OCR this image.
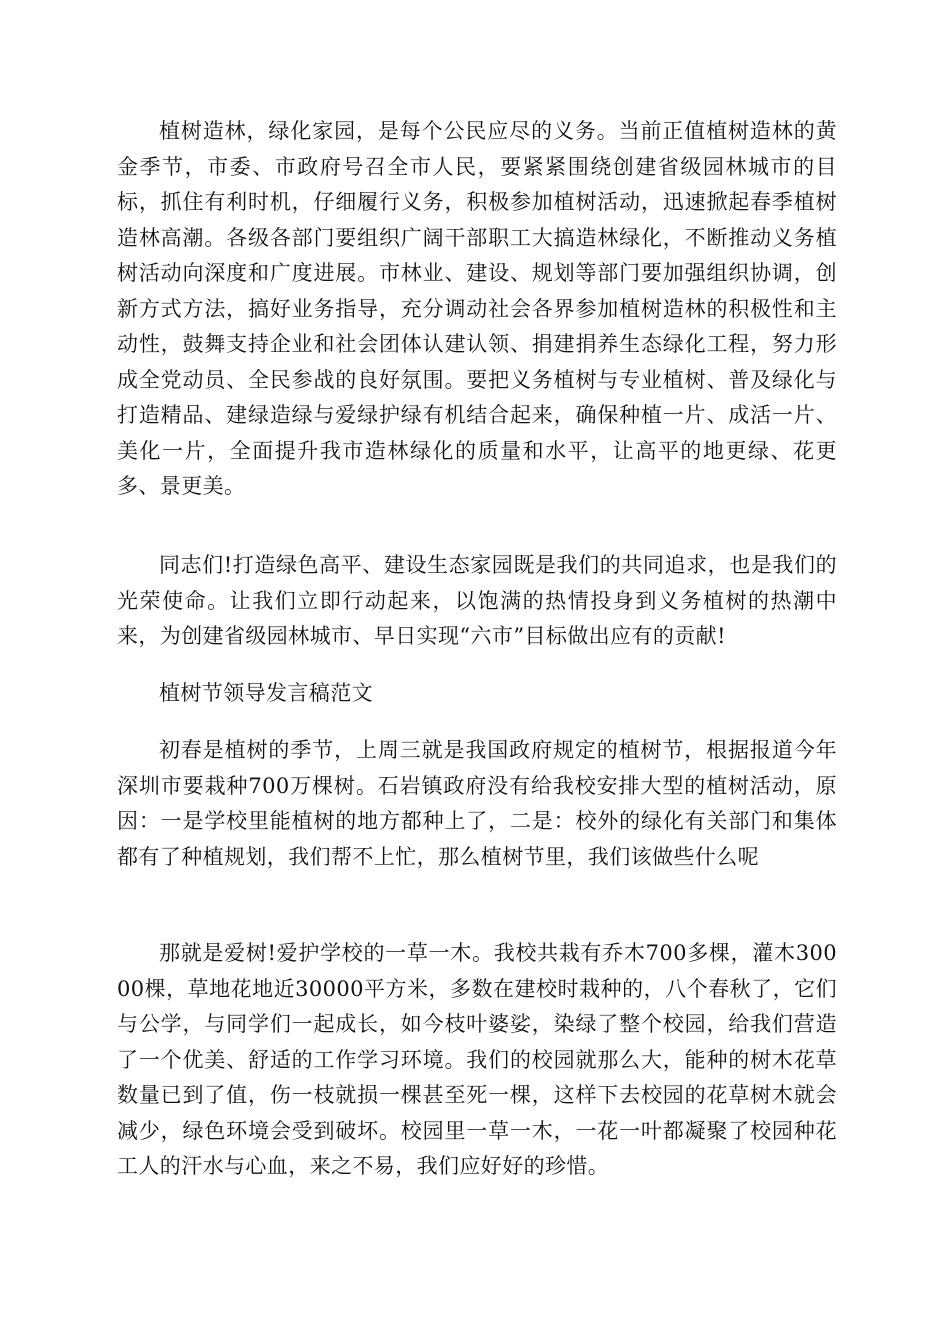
植树造林，绿化家园，是每个公民应尽的义务。当前正值植树造林的黄金季节，市委、市政府号召全市人民，要紧紧围绕创建省级园林城市的目标，抓住有利时机，仔细履行义务，积极参加植树活动，迅速掀起春季植树造林高潮。各级各部门要组织广阔干部职工大搞造林绿化，不断推动义务植树活动向深度和广度进展。市林业、建设、规划等部门要加强组织协调，创新方式方法，搞好业务指导，充分调动社会各界参加植树造林的积极性和主动性，鼓舞支持企业和社会团体认建认领、捐建捐养生态绿化工程，努力形成全党动员、全民参战的良好氛围。要把义务植树与专业植树、普及绿化与打造精品、建绿造绿与爱绿护绿有机结合起来，确保种植一片、成活一片、美化一片，全面提升我市造林绿化的质量和水平，让高平的地更绿、花更多、景更美。

同志们!打造绿色高平、建设生态家园既是我们的共同追求，也是我们的光荣使命。让我们立即行动起来，以饱满的热情投身到义务植树的热潮中来，为创建省级园林城市、早日实现“六市”目标做出应有的贡献!

植树节领导发言稿范文

初春是植树的季节，上周三就是我国政府规定的植树节，根据报道今年深圳市要栽种700万棵树。石岩镇政府没有给我校安排大型的植树活动，原因：一是学校里能植树的地方都种上了，二是：校外的绿化有关部门和集体都有了种植规划，我们帮不上忙，那么植树节里，我们该做些什么呢

那就是爱树!爱护学校的一草一木。我校共栽有乔木700多棵，灌木30000棵，草地花地近30000平方米，多数在建校时栽种的，八个春秋了，它们与公学，与同学们一起成长，如今枝叶婆娑，染绿了整个校园，给我们营造了一个优美、舒适的工作学习环境。我们的校园就那么大，能种的树木花草数量已到了值，伤一枝就损一棵甚至死一棵，这样下去校园的花草树木就会减少，绿色环境会受到破坏。校园里一草一木，一花一叶都凝聚了校园种花工人的汗水与心血，来之不易，我们应好好的珍惜。
